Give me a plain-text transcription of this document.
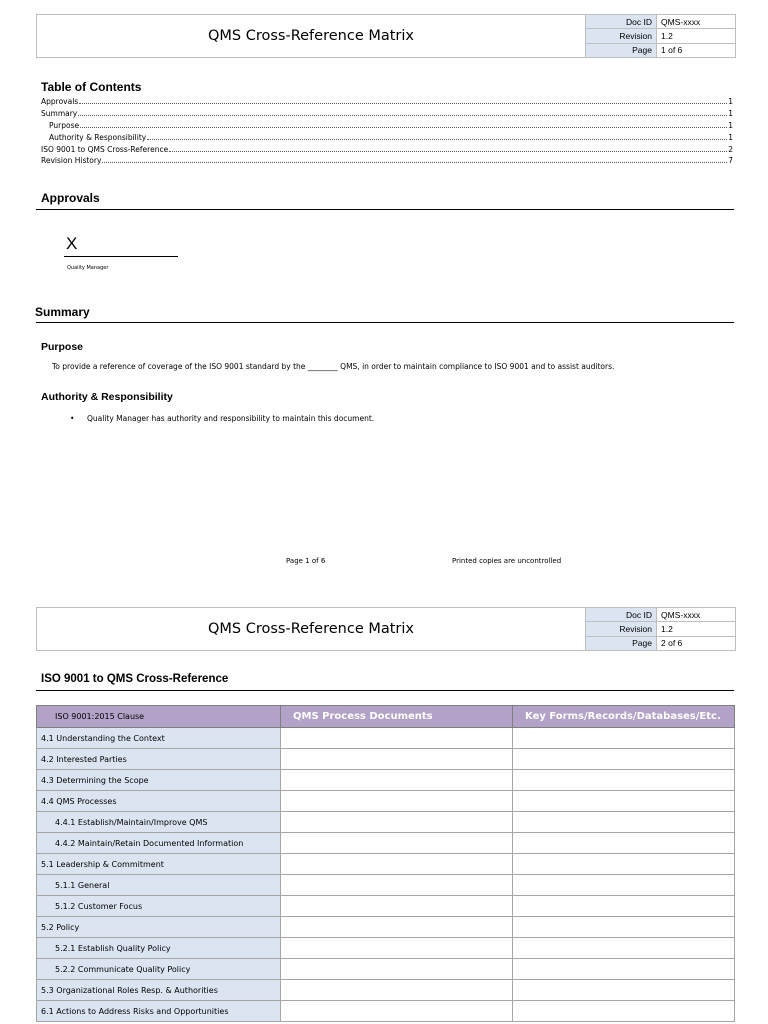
QMS Cross-Reference Matrix
Doc ID	QMS-xxxx
Revision	1.2
Page	1 of 6
Table of Contents
Approvals	1
Summary	1
Purpose	1
Authority & Responsibility	1
ISO 9001 to QMS Cross-Reference	2
Revision History	7
Approvals
X
Quality Manager
Summary
Purpose
To provide a reference of coverage of the ISO 9001 standard by the ________ QMS, in order to maintain compliance to ISO 9001 and to assist auditors.
Authority & Responsibility
• Quality Manager has authority and responsibility to maintain this document.
Page 1 of 6	Printed copies are uncontrolled
QMS Cross-Reference Matrix
Doc ID	QMS-xxxx
Revision	1.2
Page	2 of 6
ISO 9001 to QMS Cross-Reference
ISO 9001:2015 Clause	QMS Process Documents	Key Forms/Records/Databases/Etc.
4.1 Understanding the Context		
4.2 Interested Parties		
4.3 Determining the Scope		
4.4 QMS Processes		
4.4.1 Establish/Maintain/Improve QMS		
4.4.2 Maintain/Retain Documented Information		
5.1 Leadership & Commitment		
5.1.1 General		
5.1.2 Customer Focus		
5.2 Policy		
5.2.1 Establish Quality Policy		
5.2.2 Communicate Quality Policy		
5.3 Organizational Roles Resp. & Authorities		
6.1 Actions to Address Risks and Opportunities		
